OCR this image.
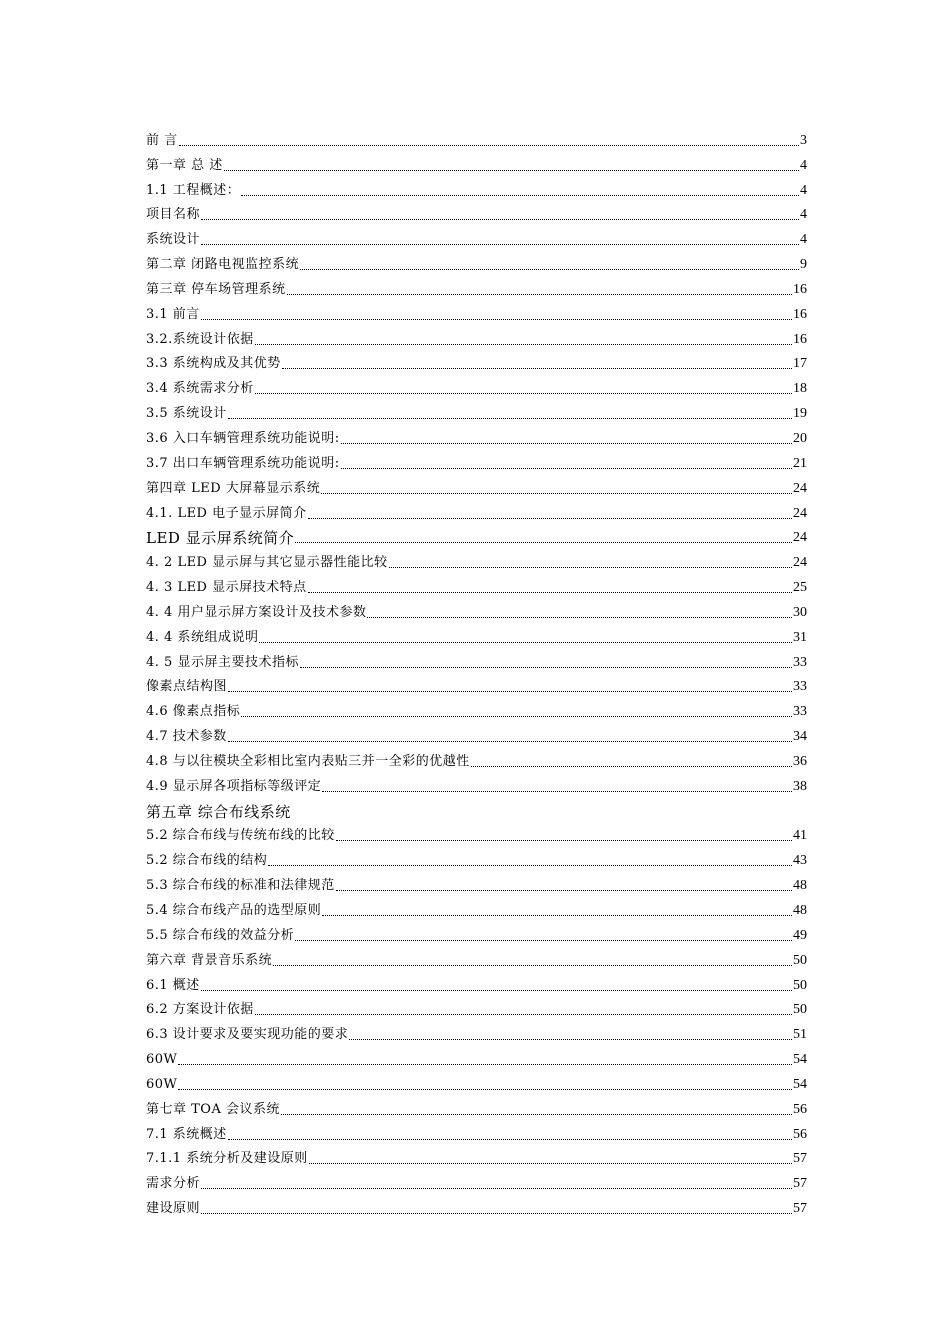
前 言	3
第一章 总 述	4
1.1 工程概述：	4
项目名称	4
系统设计	4
第二章 闭路电视监控系统	9
第三章 停车场管理系统	16
3.1 前言	16
3.2.系统设计依据	16
3.3 系统构成及其优势	17
3.4 系统需求分析	18
3.5 系统设计	19
3.6 入口车辆管理系统功能说明:	20
3.7 出口车辆管理系统功能说明:	21
第四章 LED 大屏幕显示系统	24
4.1. LED 电子显示屏简介	24
LED 显示屏系统简介	24
4. 2 LED 显示屏与其它显示器性能比较	24
4. 3 LED 显示屏技术特点	25
4. 4 用户显示屏方案设计及技术参数	30
4. 4 系统组成说明	31
4. 5 显示屏主要技术指标	33
像素点结构图	33
4.6 像素点指标	33
4.7 技术参数	34
4.8 与以往模块全彩相比室内表贴三并一全彩的优越性	36
4.9 显示屏各项指标等级评定	38
第五章 综合布线系统
5.2 综合布线与传统布线的比较	41
5.2 综合布线的结构	43
5.3 综合布线的标准和法律规范	48
5.4 综合布线产品的选型原则	48
5.5 综合布线的效益分析	49
第六章 背景音乐系统	50
6.1 概述	50
6.2 方案设计依据	50
6.3 设计要求及要实现功能的要求	51
60W	54
60W	54
第七章 TOA 会议系统	56
7.1 系统概述	56
7.1.1 系统分析及建设原则	57
需求分析	57
建设原则	57
